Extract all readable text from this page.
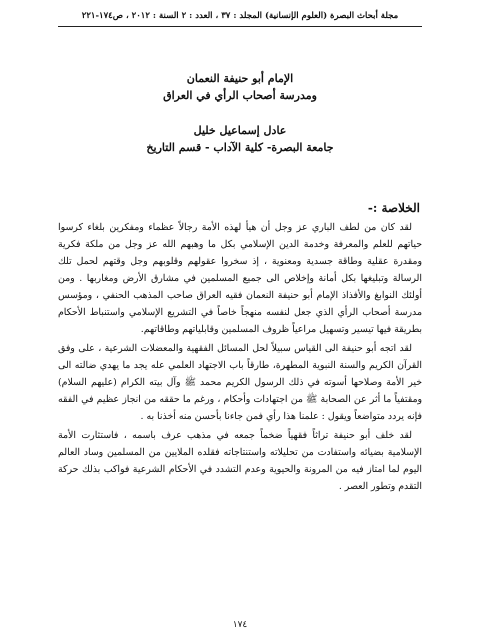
مجلة أبحاث البصرة (العلوم الإنسانية) المجلد : ٣٧ ، العدد : ٢ السنة : ٢٠١٢ ، ص١٧٤-٢٢١
الإمام أبو حنيفة النعمان
ومدرسة أصحاب الرأي في العراق
عادل إسماعيل خليل
جامعة البصرة- كلية الآداب - قسم التاريخ
الخلاصة :-

لقد كان من لطف الباري عز وجل أن هيأ لهذه الأمة رجالاً عظماء ومفكرين بلغاء كرسوا حياتهم للعلم والمعرفة وخدمة الدين الإسلامي بكل ما وهبهم الله عز وجل من ملكة فكرية ومقدرة عقلية وطاقة جسدية ومعنوية ، إذ سخروا عقولهم وقلوبهم وجل وقتهم لحمل تلك الرسالة وتبليغها بكل أمانة وإخلاص الى جميع المسلمين في مشارق الأرض ومغاربها . ومن أولئك النوابغ والأفذاذ الإمام أبو حنيفة النعمان فقيه العراق صاحب المذهب الحنفي ، ومؤسس مدرسة أصحاب الرأي الذي جعل لنفسه منهجاً خاصاً في التشريع الإسلامي واستنباط الأحكام بطريقة فيها تيسير وتسهيل مراعياً ظروف المسلمين وقابلياتهم وطاقاتهم.

لقد اتجه أبو حنيفة الى القياس سبيلاً لحل المسائل الفقهية والمعضلات الشرعية ، على وفق القرآن الكريم والسنة النبوية المطهرة، طارقاً باب الاجتهاد العلمي عله يجد ما يهدي ضالته الى خير الأمة وصلاحها أسوته في ذلك الرسول الكريم محمد ﷺ وآل بيته الكرام (عليهم السلام) ومقتفياً ما أثر عن الصحابة ﷺ من اجتهادات وأحكام ، ورغم ما حققه من انجاز عظيم في الفقه فإنه يردد متواضعاً ويقول : علمنا هذا رأي فمن جاءنا بأحسن منه أخذنا به .

لقد خلف أبو حنيفة تراثاً فقهياً ضخماً جمعه في مذهب عرف باسمه ، فاستثارت الأمة الإسلامية بضيائه واستفادت من تحليلاته واستنتاجاته فقلده الملايين من المسلمين وساد العالم اليوم لما امتاز فيه من المرونة والحيوية وعدم التشدد في الأحكام الشرعية فواكب بذلك حركة التقدم وتطور العصر .

١٧٤
